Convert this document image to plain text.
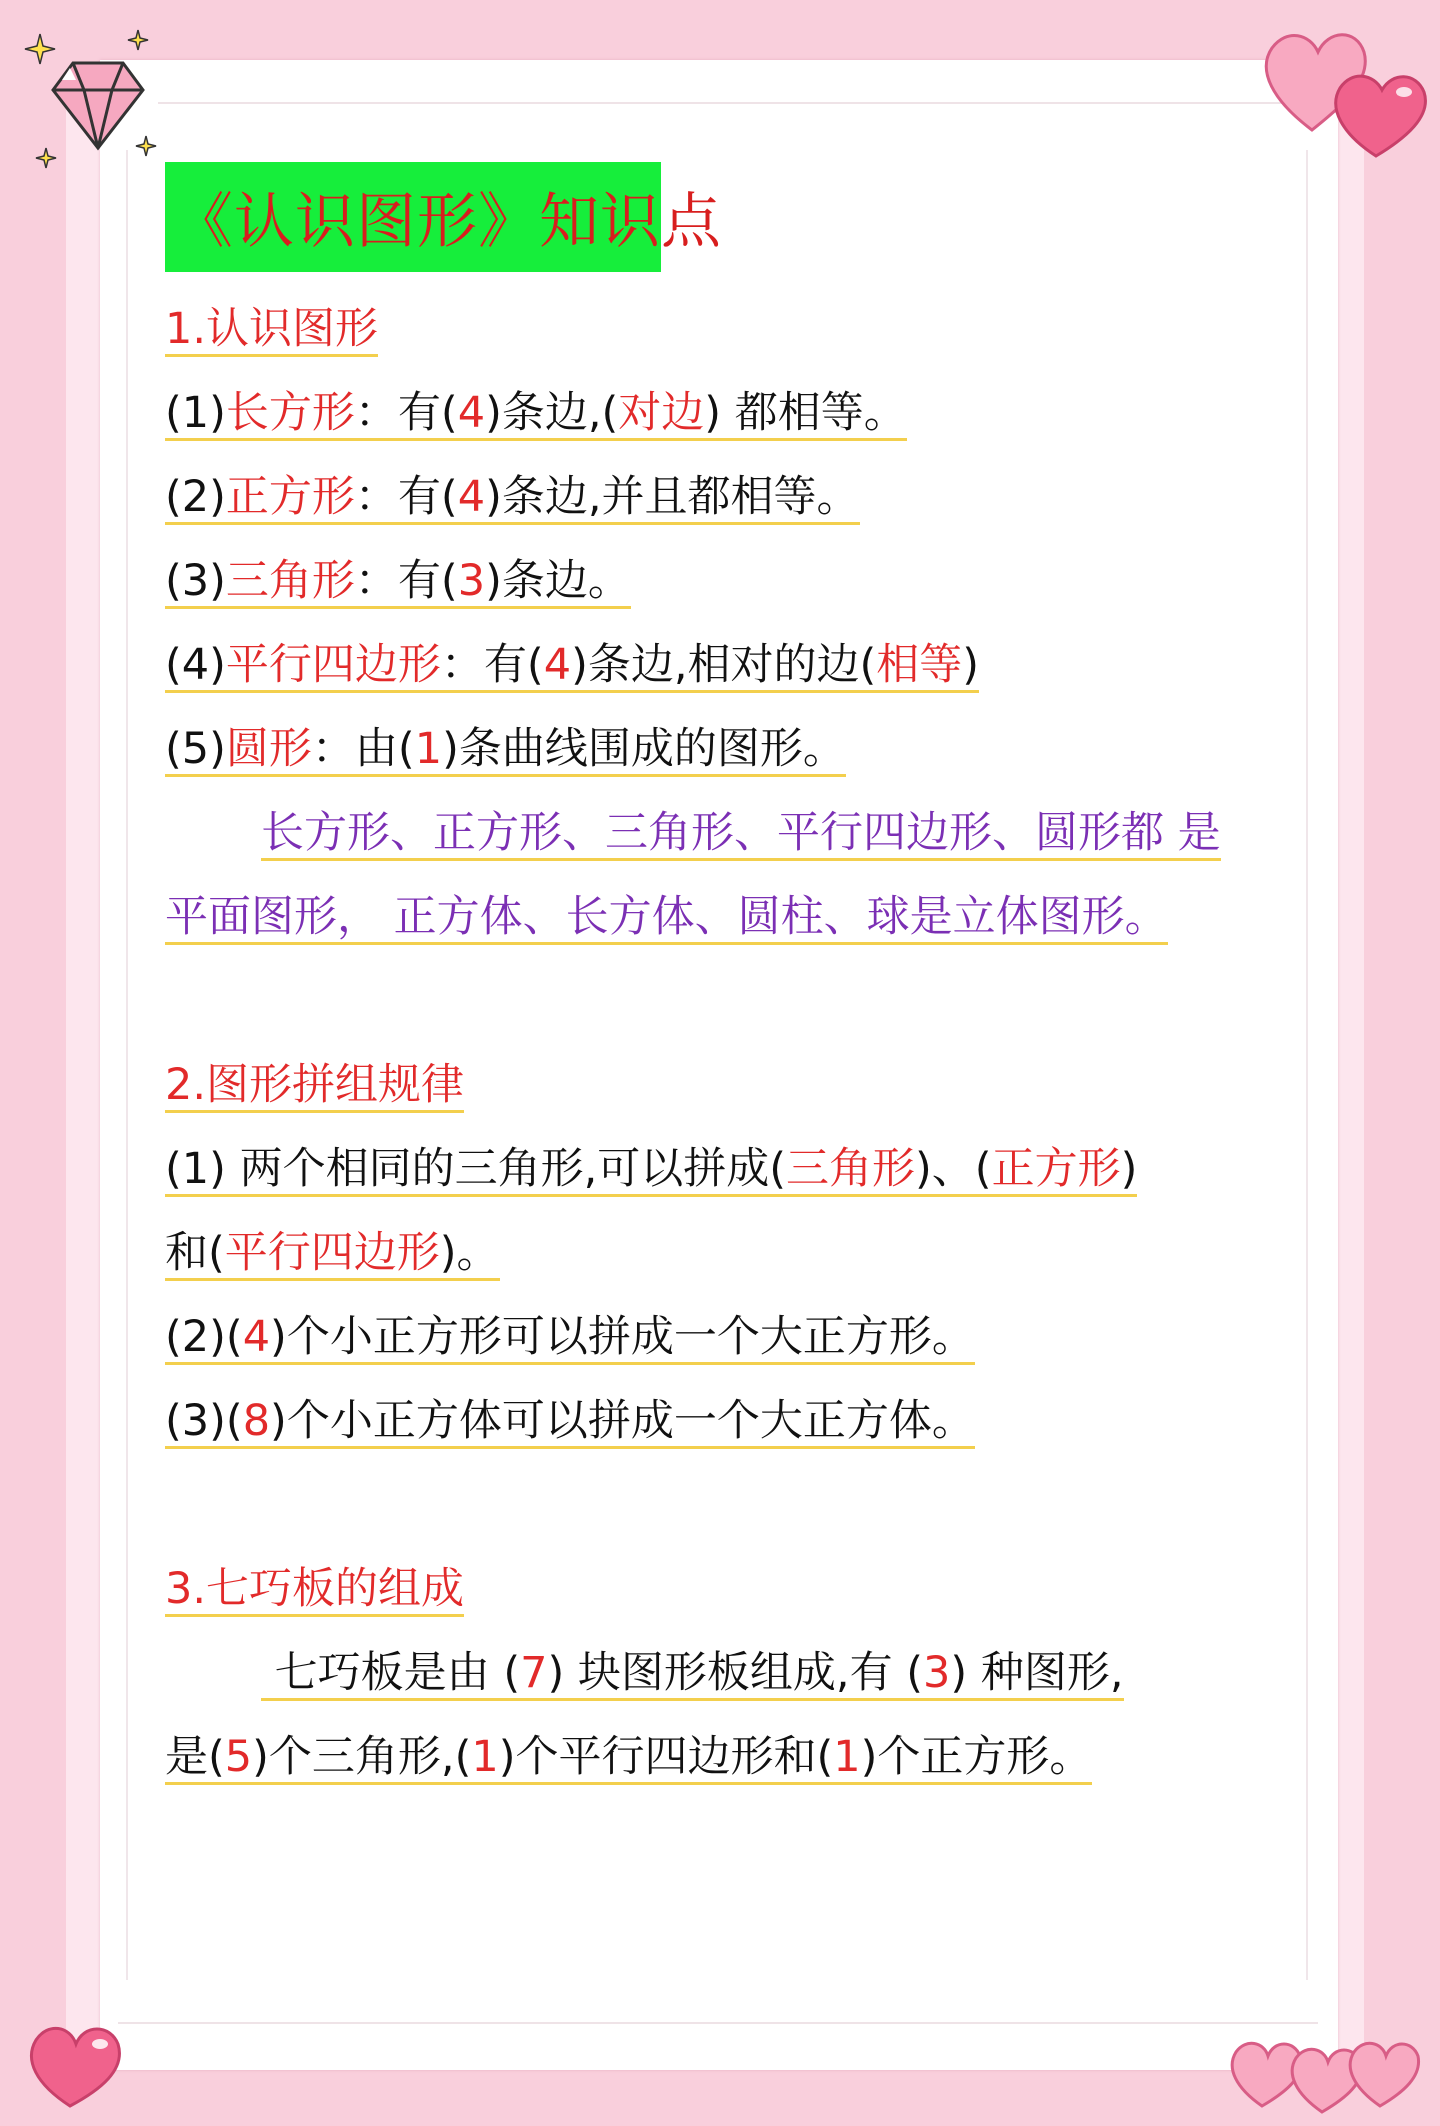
《认识图形》知识点
1.认识图形
(1)长方形：有(4)条边,(对边) 都相等。
(2)正方形：有(4)条边,并且都相等。
(3)三角形：有(3)条边。
(4)平行四边形：有(4)条边,相对的边(相等)
(5)圆形：由(1)条曲线围成的图形。
长方形、正方形、三角形、平行四边形、圆形都 是
平面图形， 正方体、长方体、圆柱、球是立体图形。
2.图形拼组规律
(1) 两个相同的三角形,可以拼成(三角形)、(正方形)
和(平行四边形)。
(2)(4)个小正方形可以拼成一个大正方形。
(3)(8)个小正方体可以拼成一个大正方体。
3.七巧板的组成
七巧板是由 (7) 块图形板组成,有 (3) 种图形,
是(5)个三角形,(1)个平行四边形和(1)个正方形。
